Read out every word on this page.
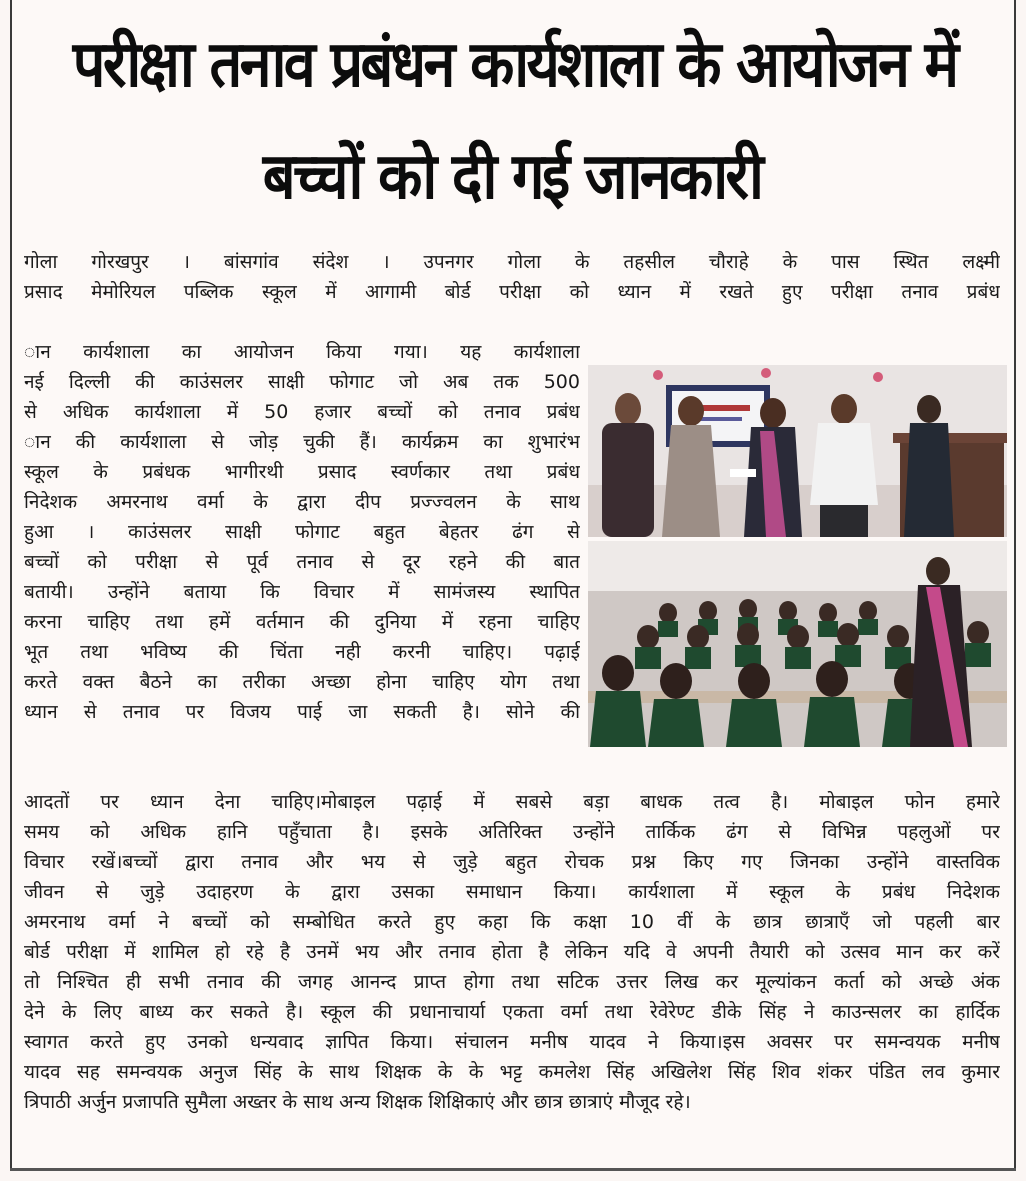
परीक्षा तनाव प्रबंधन कार्यशाला के आयोजन में
बच्चों को दी गई जानकारी
गोला गोरखपुर । बांसगांव संदेश । उपनगर गोला के तहसील चौराहे के पास स्थित लक्ष्मी
प्रसाद मेमोरियल पब्लिक स्कूल में आगामी बोर्ड परीक्षा को ध्यान में रखते हुए परीक्षा तनाव प्रबंध
ान कार्यशाला का आयोजन किया गया। यह कार्यशाला
नई दिल्ली की काउंसलर साक्षी फोगाट जो अब तक 500
से अधिक कार्यशाला में 50 हजार बच्चों को तनाव प्रबंध
ान की कार्यशाला से जोड़ चुकी हैं। कार्यक्रम का शुभारंभ
स्कूल के प्रबंधक भागीरथी प्रसाद स्वर्णकार तथा प्रबंध
निदेशक अमरनाथ वर्मा के द्वारा दीप प्रज्ज्वलन के साथ
हुआ । काउंसलर साक्षी फोगाट बहुत बेहतर ढंग से
बच्चों को परीक्षा से पूर्व तनाव से दूर रहने की बात
बतायी। उन्होंने बताया कि विचार में सामंजस्य स्थापित
करना चाहिए तथा हमें वर्तमान की दुनिया में रहना चाहिए
भूत तथा भविष्य की चिंता नही करनी चाहिए। पढ़ाई
करते वक्त बैठने का तरीका अच्छा होना चाहिए योग तथा
ध्यान से तनाव पर विजय पाई जा सकती है। सोने की
आदतों पर ध्यान देना चाहिए।मोबाइल पढ़ाई में सबसे बड़ा बाधक तत्व है। मोबाइल फोन हमारे
समय को अधिक हानि पहुँचाता है। इसके अतिरिक्त उन्होंने तार्किक ढंग से विभिन्न पहलुओं पर
विचार रखें।बच्चों द्वारा तनाव और भय से जुड़े बहुत रोचक प्रश्न किए गए जिनका उन्होंने वास्तविक
जीवन से जुड़े उदाहरण के द्वारा उसका समाधान किया। कार्यशाला में स्कूल के प्रबंध निदेशक
अमरनाथ वर्मा ने बच्चों को सम्बोधित करते हुए कहा कि कक्षा 10 वीं के छात्र छात्राएँ जो पहली बार
बोर्ड परीक्षा में शामिल हो रहे है उनमें भय और तनाव होता है लेकिन यदि वे अपनी तैयारी को उत्सव मान कर करें
तो निश्चित ही सभी तनाव की जगह आनन्द प्राप्त होगा तथा सटिक उत्तर लिख कर मूल्यांकन कर्ता को अच्छे अंक
देने के लिए बाध्य कर सकते है। स्कूल की प्रधानाचार्या एकता वर्मा तथा रेवेरेण्ट डीके सिंह ने काउन्सलर का हार्दिक
स्वागत करते हुए उनको धन्यवाद ज्ञापित किया। संचालन मनीष यादव ने किया।इस अवसर पर समन्वयक मनीष
यादव सह समन्वयक अनुज सिंह के साथ शिक्षक के के भट्ट कमलेश सिंह अखिलेश सिंह शिव शंकर पंडित लव कुमार
त्रिपाठी अर्जुन प्रजापति सुमैला अख्तर के साथ अन्य शिक्षक शिक्षिकाएं और छात्र छात्राएं मौजूद रहे।
